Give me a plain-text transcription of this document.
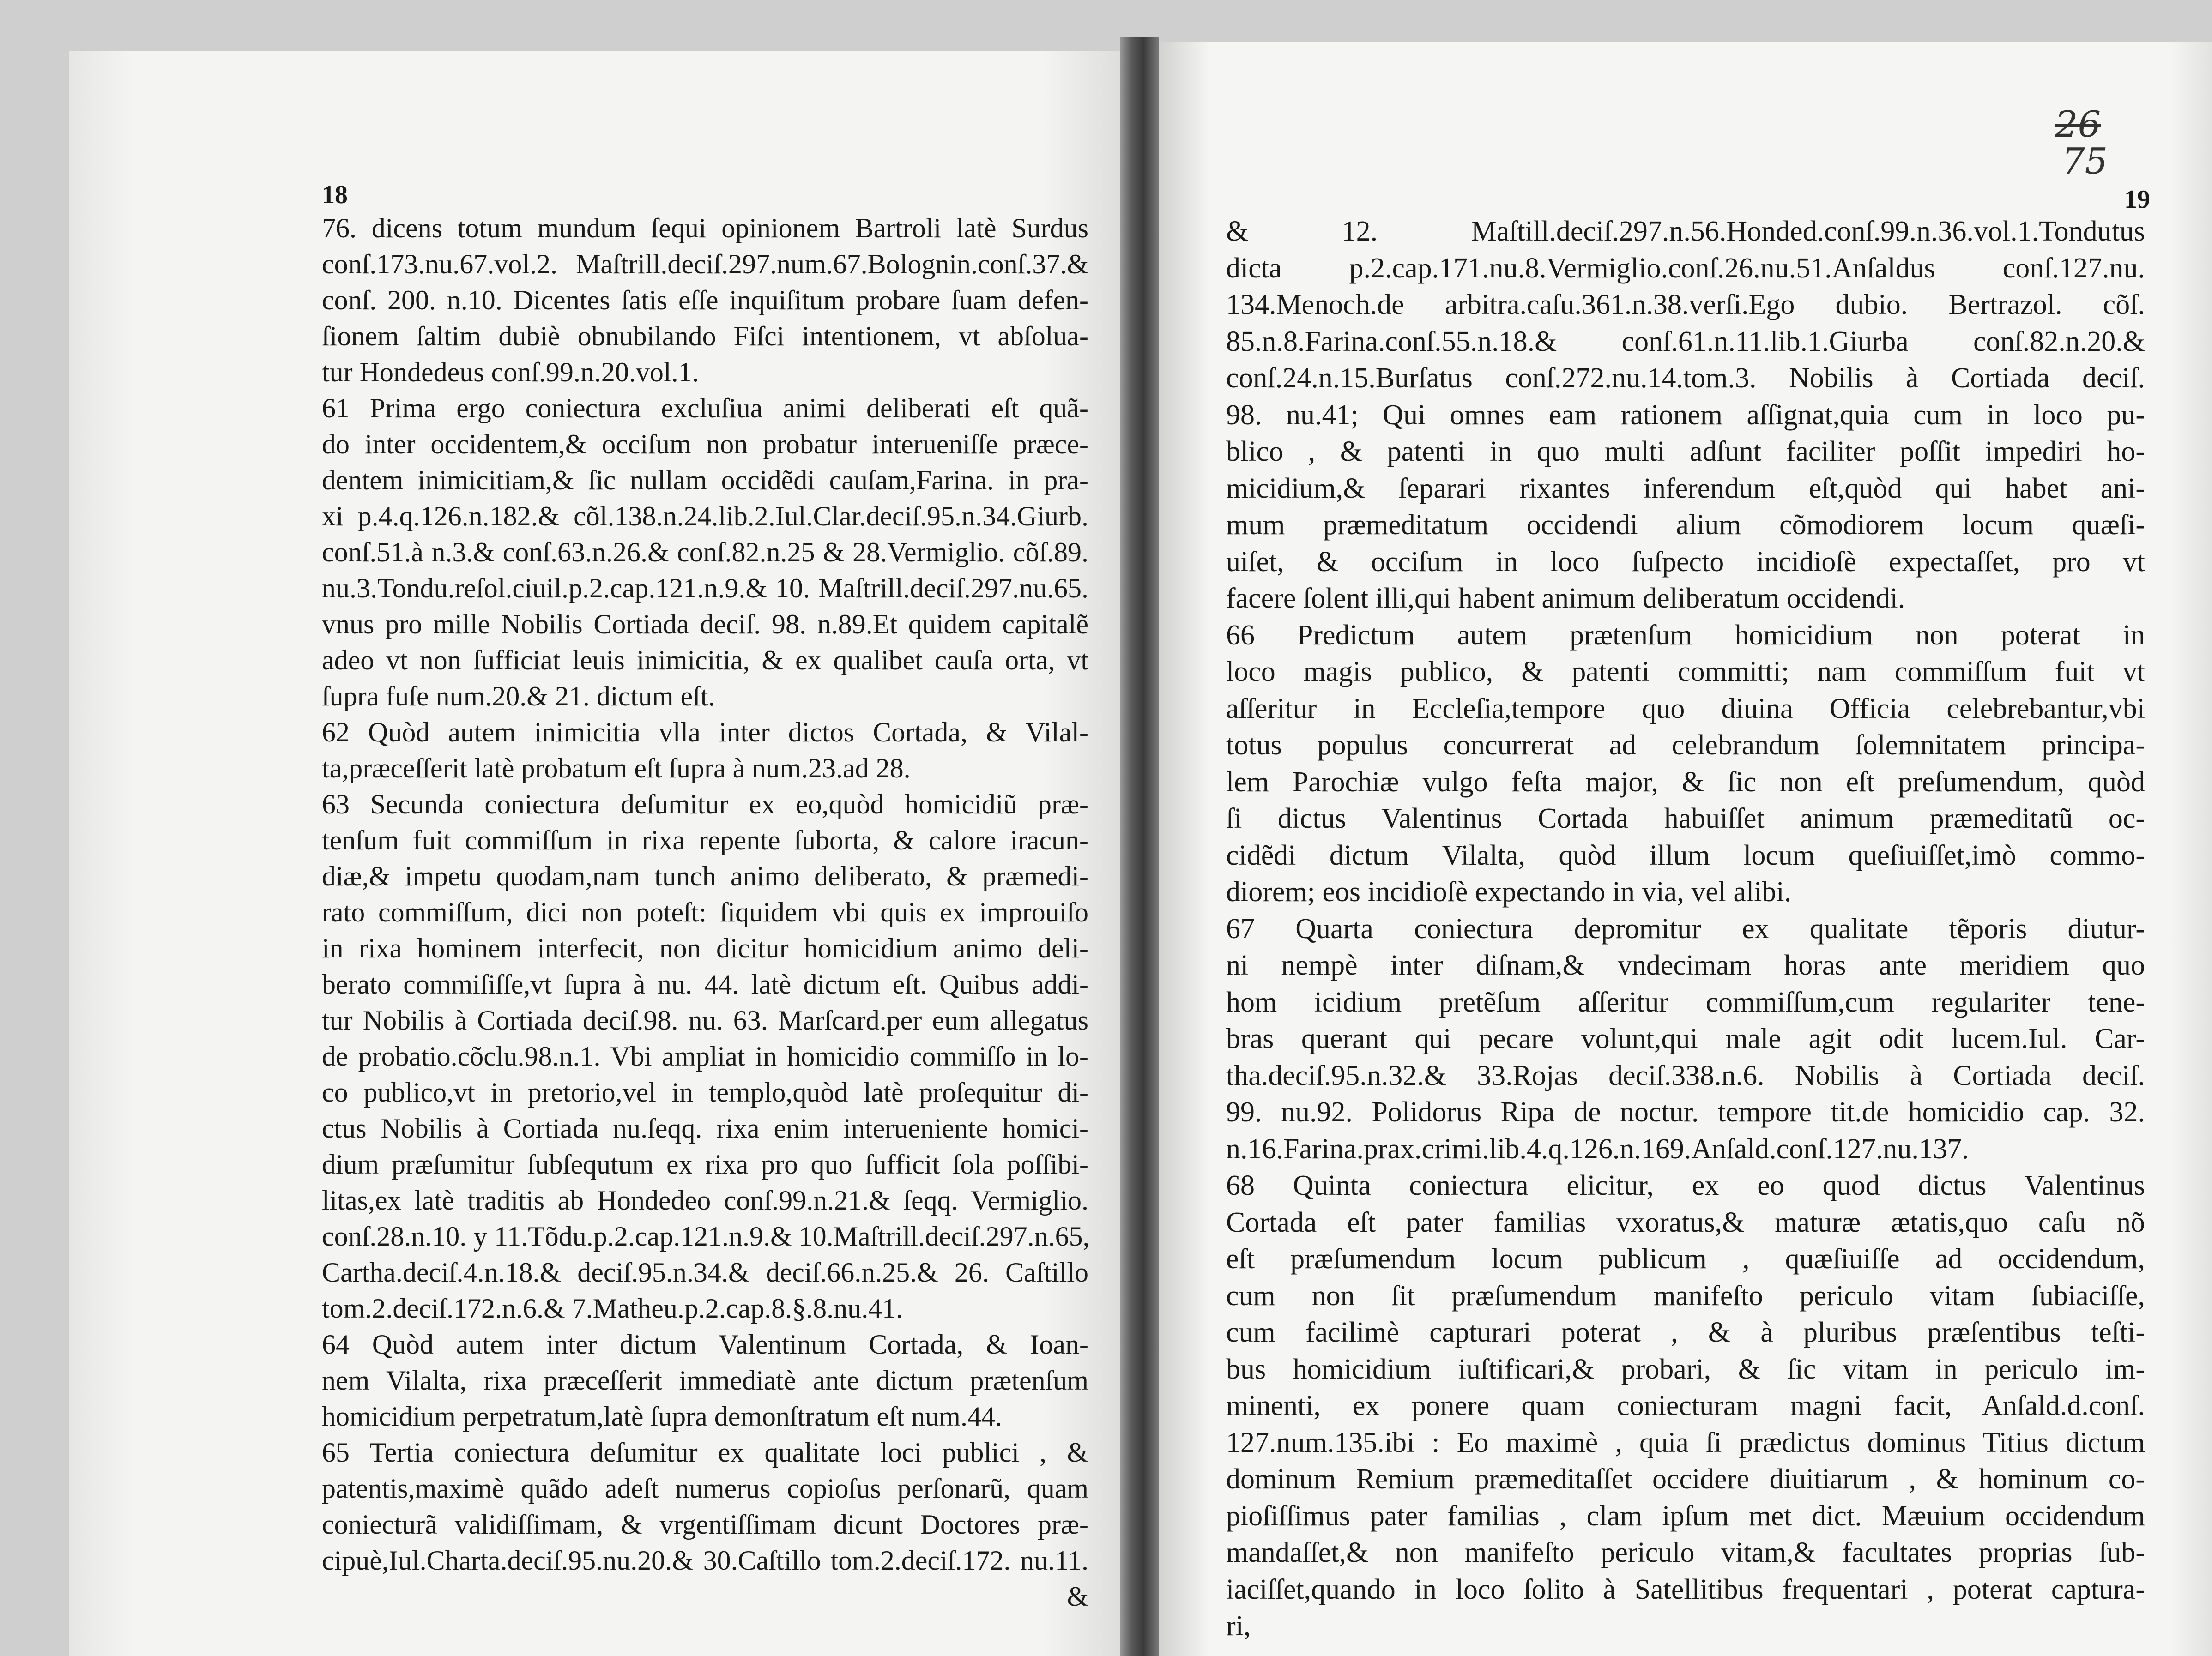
18	19
26
75
76. dicens totum mundum ſequi opinionem Bartroli latè Surdus
conſ.173.nu.67.vol.2. Maſtrill.deciſ.297.num.67.Bolognin.conſ.37.&
conſ. 200. n.10. Dicentes ſatis eſſe inquiſitum probare ſuam defen-
ſionem ſaltim dubiè obnubilando Fiſci intentionem, vt abſolua-
tur Hondedeus conſ.99.n.20.vol.1.
61 Prima ergo coniectura excluſiua animi deliberati eſt quã-
do inter occidentem,& occiſum non probatur interueniſſe præce-
dentem inimicitiam,& ſic nullam occidẽdi cauſam,Farina. in pra-
xi p.4.q.126.n.182.& cõl.138.n.24.lib.2.Iul.Clar.deciſ.95.n.34.Giurb.
conſ.51.à n.3.& conſ.63.n.26.& conſ.82.n.25 & 28.Vermiglio. cõſ.89.
nu.3.Tondu.reſol.ciuil.p.2.cap.121.n.9.& 10. Maſtrill.deciſ.297.nu.65.
vnus pro mille Nobilis Cortiada deciſ. 98. n.89.Et quidem capitalẽ
adeo vt non ſufficiat leuis inimicitia, & ex qualibet cauſa orta, vt
ſupra fuſe num.20.& 21. dictum eſt.
62 Quòd autem inimicitia vlla inter dictos Cortada, & Vilal-
ta,præceſſerit latè probatum eſt ſupra à num.23.ad 28.
63 Secunda coniectura deſumitur ex eo,quòd homicidiũ præ-
tenſum fuit commiſſum in rixa repente ſuborta, & calore iracun-
diæ,& impetu quodam,nam tunch animo deliberato, & præmedi-
rato commiſſum, dici non poteſt: ſiquidem vbi quis ex improuiſo
in rixa hominem interfecit, non dicitur homicidium animo deli-
berato commiſiſſe,vt ſupra à nu. 44. latè dictum eſt. Quibus addi-
tur Nobilis à Cortiada deciſ.98. nu. 63. Marſcard.per eum allegatus
de probatio.cõclu.98.n.1. Vbi ampliat in homicidio commiſſo in lo-
co publico,vt in pretorio,vel in templo,quòd latè proſequitur di-
ctus Nobilis à Cortiada nu.ſeqq. rixa enim interueniente homici-
dium præſumitur ſubſequtum ex rixa pro quo ſufficit ſola poſſibi-
litas,ex latè traditis ab Hondedeo conſ.99.n.21.& ſeqq. Vermiglio.
conſ.28.n.10. y 11.Tõdu.p.2.cap.121.n.9.& 10.Maſtrill.deciſ.297.n.65,
Cartha.deciſ.4.n.18.& deciſ.95.n.34.& deciſ.66.n.25.& 26. Caſtillo
tom.2.deciſ.172.n.6.& 7.Matheu.p.2.cap.8.§.8.nu.41.
64 Quòd autem inter dictum Valentinum Cortada, & Ioan-
nem Vilalta, rixa præceſſerit immediatè ante dictum prætenſum
homicidium perpetratum,latè ſupra demonſtratum eſt num.44.
65 Tertia coniectura deſumitur ex qualitate loci publici , &
patentis,maximè quãdo adeſt numerus copioſus perſonarũ, quam
coniecturã validiſſimam, & vrgentiſſimam dicunt Doctores præ-
cipuè,Iul.Charta.deciſ.95.nu.20.& 30.Caſtillo tom.2.deciſ.172. nu.11.
&
& 12. Maſtill.deciſ.297.n.56.Honded.conſ.99.n.36.vol.1.Tondutus
dicta p.2.cap.171.nu.8.Vermiglio.conſ.26.nu.51.Anſaldus conſ.127.nu.
134.Menoch.de arbitra.caſu.361.n.38.verſi.Ego dubio. Bertrazol. cõſ.
85.n.8.Farina.conſ.55.n.18.& conſ.61.n.11.lib.1.Giurba conſ.82.n.20.&
conſ.24.n.15.Burſatus conſ.272.nu.14.tom.3. Nobilis à Cortiada deciſ.
98. nu.41; Qui omnes eam rationem aſſignat,quia cum in loco pu-
blico , & patenti in quo multi adſunt faciliter poſſit impediri ho-
micidium,& ſeparari rixantes inferendum eſt,quòd qui habet ani-
mum præmeditatum occidendi alium cõmodiorem locum quæſi-
uiſet, & occiſum in loco ſuſpecto incidioſè expectaſſet, pro vt
facere ſolent illi,qui habent animum deliberatum occidendi.
66 Predictum autem prætenſum homicidium non poterat in
loco magis publico, & patenti committi; nam commiſſum fuit vt
aſſeritur in Eccleſia,tempore quo diuina Officia celebrebantur,vbi
totus populus concurrerat ad celebrandum ſolemnitatem principa-
lem Parochiæ vulgo feſta major, & ſic non eſt preſumendum, quòd
ſi dictus Valentinus Cortada habuiſſet animum præmeditatũ oc-
cidẽdi dictum Vilalta, quòd illum locum queſiuiſſet,imò commo-
diorem; eos incidioſè expectando in via, vel alibi.
67 Quarta coniectura depromitur ex qualitate tẽporis diutur-
ni nempè inter diſnam,& vndecimam horas ante meridiem quo
hom icidium pretẽſum aſſeritur commiſſum,cum regulariter tene-
bras querant qui pecare volunt,qui male agit odit lucem.Iul. Car-
tha.deciſ.95.n.32.& 33.Rojas deciſ.338.n.6. Nobilis à Cortiada deciſ.
99. nu.92. Polidorus Ripa de noctur. tempore tit.de homicidio cap. 32.
n.16.Farina.prax.crimi.lib.4.q.126.n.169.Anſald.conſ.127.nu.137.
68 Quinta coniectura elicitur, ex eo quod dictus Valentinus
Cortada eſt pater familias vxoratus,& maturæ ætatis,quo caſu nõ
eſt præſumendum locum publicum , quæſiuiſſe ad occidendum,
cum non ſit præſumendum manifeſto periculo vitam ſubiaciſſe,
cum facilimè capturari poterat , & à pluribus præſentibus teſti-
bus homicidium iuſtificari,& probari, & ſic vitam in periculo im-
minenti, ex ponere quam coniecturam magni facit, Anſald.d.conſ.
127.num.135.ibi : Eo maximè , quia ſi prædictus dominus Titius dictum
dominum Remium præmeditaſſet occidere diuitiarum , & hominum co-
pioſiſſimus pater familias , clam ipſum met dict. Mæuium occidendum
mandaſſet,& non manifeſto periculo vitam,& facultates proprias ſub-
iaciſſet,quando in loco ſolito à Satellitibus frequentari , poterat captura-
ri,
